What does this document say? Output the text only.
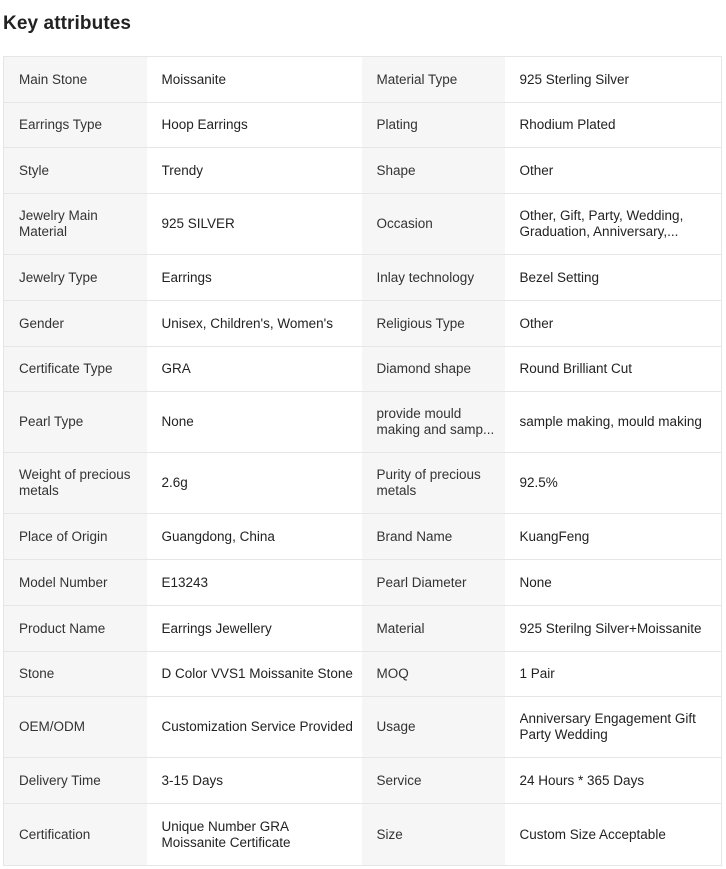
Key attributes
Main Stone	Moissanite	Material Type	925 Sterling Silver

Earrings Type	Hoop Earrings	Plating	Rhodium Plated

Style	Trendy	Shape	Other

Jewelry Main Material	925 SILVER	Occasion	Other, Gift, Party, Wedding, Graduation, Anniversary,...

Jewelry Type	Earrings	Inlay technology	Bezel Setting

Gender	Unisex, Children's, Women's	Religious Type	Other

Certificate Type	GRA	Diamond shape	Round Brilliant Cut

Pearl Type	None	provide mould making and samp...	sample making, mould making

Weight of precious metals	2.6g	Purity of precious metals	92.5%

Place of Origin	Guangdong, China	Brand Name	KuangFeng

Model Number	E13243	Pearl Diameter	None

Product Name	Earrings Jewellery	Material	925 Sterilng Silver+Moissanite

Stone	D Color VVS1 Moissanite Stone	MOQ	1 Pair

OEM/ODM	Customization Service Provided	Usage	Anniversary Engagement Gift Party Wedding

Delivery Time	3-15 Days	Service	24 Hours * 365 Days

Certification	Unique Number GRA Moissanite Certificate	Size	Custom Size Acceptable
